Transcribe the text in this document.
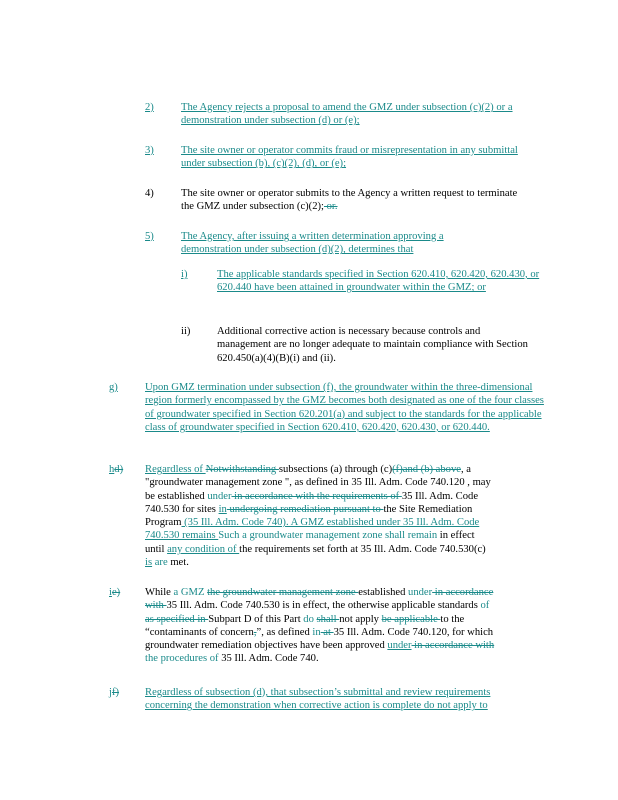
2)	The Agency rejects a proposal to amend the GMZ under subsection (c)(2) or a demonstration under subsection (d) or (e);
3)	The site owner or operator commits fraud or misrepresentation in any submittal under subsection (b), (c)(2), (d), or (e);
4)	The site owner or operator submits to the Agency a written request to terminate the GMZ under subsection (c)(2); or.
5)	The Agency, after issuing a written determination approving a demonstration under subsection (d)(2), determines that
i)	The applicable standards specified in Section 620.410, 620.420, 620.430, or 620.440 have been attained in groundwater within the GMZ; or
ii)	Additional corrective action is necessary because controls and management are no longer adequate to maintain compliance with Section 620.450(a)(4)(B)(i) and (ii).
g)	Upon GMZ termination under subsection (f), the groundwater within the three-dimensional region formerly encompassed by the GMZ becomes both designated as one of the four classes of groundwater specified in Section 620.201(a) and subject to the standards for the applicable class of groundwater specified in Section 620.410, 620.420, 620.430, or 620.440.
hd) Regardless of Notwithstanding subsections (a) through (c)(f)and (b) above, a
"groundwater management zone ", as defined in 35 Ill. Adm. Code 740.120 , may
be established under in accordance with the requirements of 35 Ill. Adm. Code
740.530 for sites in undergoing remediation pursuant to the Site Remediation
Program (35 Ill. Adm. Code 740). A GMZ established under 35 Ill. Adm. Code
740.530 remains Such a groundwater management zone shall remain in effect
until any condition of the requirements set forth at 35 Ill. Adm. Code 740.530(c)
is are met.
ie) While a GMZ the groundwater management zone established under in accordance
with 35 Ill. Adm. Code 740.530 is in effect, the otherwise applicable standards of
as specified in Subpart D of this Part do shall not apply be applicable to the
“contaminants of concern,”, as defined in at 35 Ill. Adm. Code 740.120, for which
groundwater remediation objectives have been approved under in accordance with
the procedures of 35 Ill. Adm. Code 740.
jf) Regardless of subsection (d), that subsection’s submittal and review requirements
concerning the demonstration when corrective action is complete do not apply to
